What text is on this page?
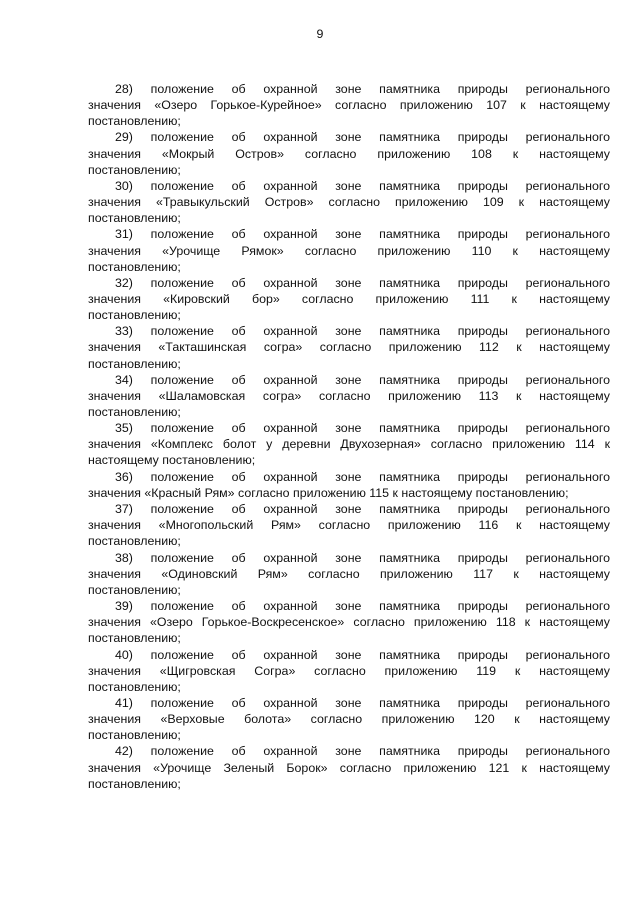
9
28) положение об охранной зоне памятника природы регионального
значения «Озеро Горькое-Курейное» согласно приложению 107 к настоящему
постановлению;
29) положение об охранной зоне памятника природы регионального
значения «Мокрый Остров» согласно приложению 108 к настоящему
постановлению;
30) положение об охранной зоне памятника природы регионального
значения «Травыкульский Остров» согласно приложению 109 к настоящему
постановлению;
31) положение об охранной зоне памятника природы регионального
значения «Урочище Рямок» согласно приложению 110 к настоящему
постановлению;
32) положение об охранной зоне памятника природы регионального
значения «Кировский бор» согласно приложению 111 к настоящему
постановлению;
33) положение об охранной зоне памятника природы регионального
значения «Такташинская согра» согласно приложению 112 к настоящему
постановлению;
34) положение об охранной зоне памятника природы регионального
значения «Шаламовская согра» согласно приложению 113 к настоящему
постановлению;
35) положение об охранной зоне памятника природы регионального
значения «Комплекс болот у деревни Двухозерная» согласно приложению 114 к
настоящему постановлению;
36) положение об охранной зоне памятника природы регионального
значения «Красный Рям» согласно приложению 115 к настоящему постановлению;
37) положение об охранной зоне памятника природы регионального
значения «Многопольский Рям» согласно приложению 116 к настоящему
постановлению;
38) положение об охранной зоне памятника природы регионального
значения «Одиновский Рям» согласно приложению 117 к настоящему
постановлению;
39) положение об охранной зоне памятника природы регионального
значения «Озеро Горькое-Воскресенское» согласно приложению 118 к настоящему
постановлению;
40) положение об охранной зоне памятника природы регионального
значения «Щигровская Согра» согласно приложению 119 к настоящему
постановлению;
41) положение об охранной зоне памятника природы регионального
значения «Верховые болота» согласно приложению 120 к настоящему
постановлению;
42) положение об охранной зоне памятника природы регионального
значения «Урочище Зеленый Борок» согласно приложению 121 к настоящему
постановлению;
